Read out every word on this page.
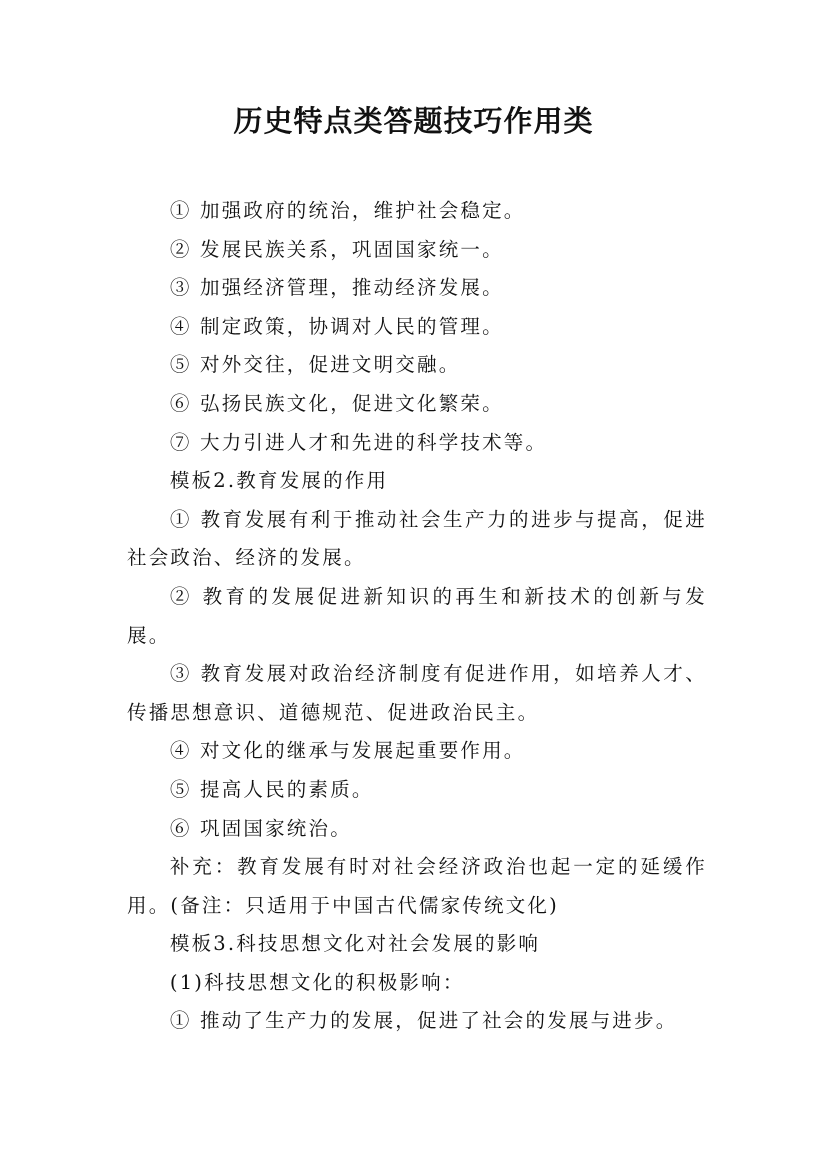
历史特点类答题技巧作用类

① 加强政府的统治，维护社会稳定。

② 发展民族关系，巩固国家统一。

③ 加强经济管理，推动经济发展。

④ 制定政策，协调对人民的管理。

⑤ 对外交往，促进文明交融。

⑥ 弘扬民族文化，促进文化繁荣。

⑦ 大力引进人才和先进的科学技术等。

模板2.教育发展的作用

① 教育发展有利于推动社会生产力的进步与提高，促进社会政治、经济的发展。

② 教育的发展促进新知识的再生和新技术的创新与发展。

③ 教育发展对政治经济制度有促进作用，如培养人才、传播思想意识、道德规范、促进政治民主。

④ 对文化的继承与发展起重要作用。

⑤ 提高人民的素质。

⑥ 巩固国家统治。

补充：教育发展有时对社会经济政治也起一定的延缓作用。(备注：只适用于中国古代儒家传统文化)

模板3.科技思想文化对社会发展的影响

(1)科技思想文化的积极影响：

① 推动了生产力的发展，促进了社会的发展与进步。
